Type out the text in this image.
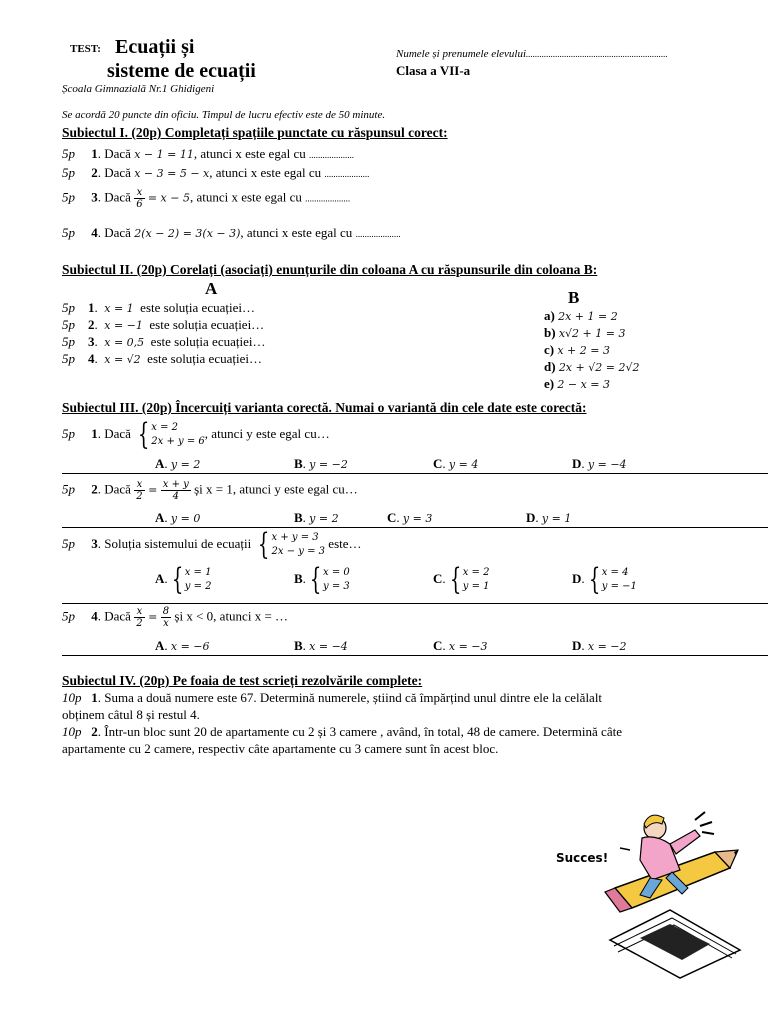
TEST: Ecuații și
sisteme de ecuații
Școala Gimnazială Nr.1 Ghidigeni
Numele și prenumele elevului...............................................................
Clasa a VII-a
Se acordă 20 puncte din oficiu. Timpul de lucru efectiv este de 50 minute.
Subiectul I. (20p) Completați spațiile punctate cu răspunsul corect:
5p 1. Dacă x − 1 = 11, atunci x este egal cu ....................
5p 2. Dacă x − 3 = 5 − x, atunci x este egal cu ....................
5p 3. Dacă $\frac{x}{6} = x - 5$, atunci x este egal cu ....................
5p 4. Dacă 2(x − 2) = 3(x − 3), atunci x este egal cu ....................
Subiectul II. (20p) Corelați (asociați) enunțurile din coloana A cu răspunsurile din coloana B:
A	B
5p 1.  x = 1 este soluția ecuației…
5p 2.  x = −1 este soluția ecuației…
5p 3.  x = 0,5 este soluția ecuației…
5p 4.  x = √2 este soluția ecuației…
a) 2x + 1 = 2
b) x√2 + 1 = 3
c) x + 2 = 3
d) 2x + √2 = 2√2
e) 2 − x = 3
Subiectul III. (20p) Încercuiți varianta corectă. Numai o variantă din cele date este corectă:
5p 1. Dacă { x = 2
2x + y = 6
, atunci y este egal cu…
A. y = 2	B. y = −2	C. y = 4	D. y = −4
5p 2. Dacă $\frac{x}{2} = \frac{x + y}{4}$ și x = 1, atunci y este egal cu…
A. y = 0	B. y = 2	C. y = 3	D. y = 1
5p 3. Soluția sistemului de ecuații { x + y = 3
2x − y = 3
este…
A. { x = 1
y = 2
B. { x = 0
y = 3
C. { x = 2
y = 1
D. { x = 4
y = −1
5p 4. Dacă $\frac{x}{2} = \frac{8}{x}$ și x < 0, atunci x = …
A. x = −6	B. x = −4	C. x = −3	D. x = −2
Subiectul IV. (20p) Pe foaia de test scrieți rezolvările complete:
10p 1. Suma a două numere este 67. Determină numerele, știind că împărțind unul dintre ele la celălalt
obținem câtul 8 și restul 4.
10p 2. Într-un bloc sunt 20 de apartamente cu 2 și 3 camere , având, în total, 48 de camere. Determină câte
apartamente cu 2 camere, respectiv câte apartamente cu 3 camere sunt în acest bloc.
Succes!
